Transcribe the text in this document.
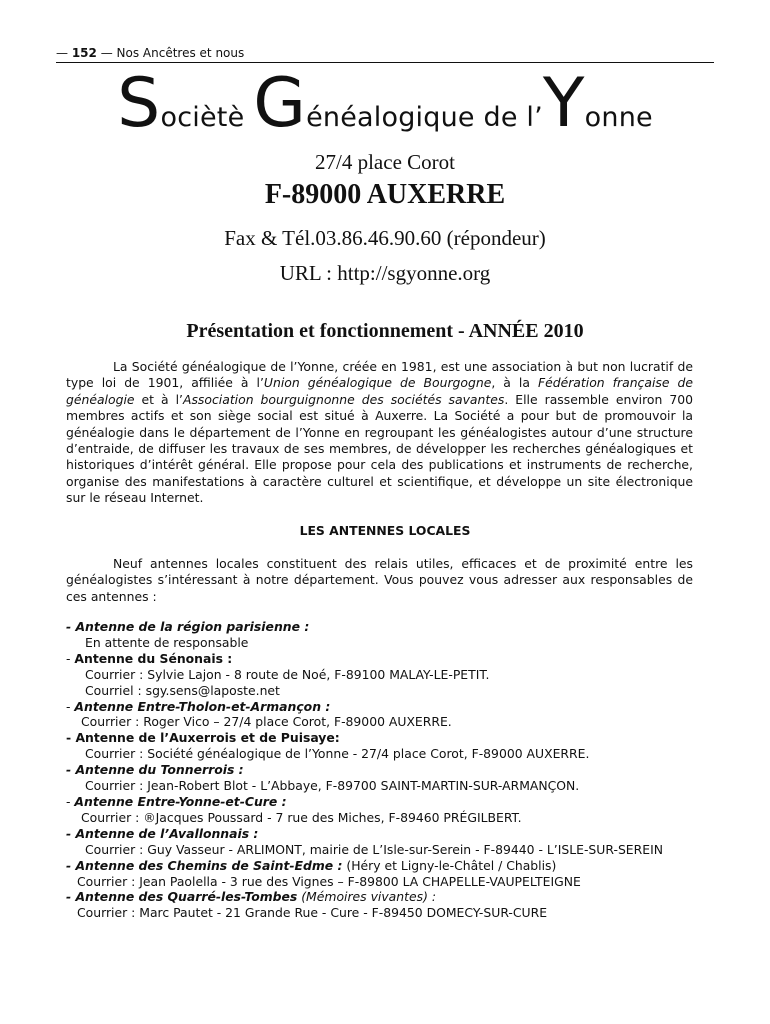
— 152 — Nos Ancêtres et nous
Sociètè Généalogique de l’Yonne
27/4 place Corot
F-89000 AUXERRE
Fax & Tél.03.86.46.90.60 (répondeur)
URL : http://sgyonne.org
Présentation et fonctionnement - ANNÉE 2010
La Société généalogique de l’Yonne, créée en 1981, est une association à but non lucratif de type loi de 1901, affiliée à l’Union généalogique de Bourgogne, à la Fédération française de généalogie et à l’Association bourguignonne des sociétés savantes. Elle rassemble environ 700 membres actifs et son siège social est situé à Auxerre. La Société a pour but de promouvoir la généalogie dans le département de l’Yonne en regroupant les généalogistes autour d’une structure d’entraide, de diffuser les travaux de ses membres, de développer les recherches généalogiques et historiques d’intérêt général. Elle propose pour cela des publications et instruments de recherche, organise des manifestations à caractère culturel et scientifique, et développe un site électronique sur le réseau Internet.
LES ANTENNES LOCALES
Neuf antennes locales constituent des relais utiles, efficaces et de proximité entre les généalogistes s’intéressant à notre département. Vous pouvez vous adresser aux responsables de ces antennes :
- Antenne de la région parisienne :
En attente de responsable
- Antenne du Sénonais :
Courrier : Sylvie Lajon - 8 route de Noé, F-89100 MALAY-LE-PETIT.
Courriel : sgy.sens@laposte.net
- Antenne Entre-Tholon-et-Armançon :
Courrier : Roger Vico – 27/4 place Corot, F-89000 AUXERRE.
- Antenne de l’Auxerrois et de Puisaye:
Courrier : Société généalogique de l’Yonne - 27/4 place Corot, F-89000 AUXERRE.
- Antenne du Tonnerrois :
Courrier : Jean-Robert Blot - L’Abbaye, F-89700 SAINT-MARTIN-SUR-ARMANÇON.
- Antenne Entre-Yonne-et-Cure :
Courrier : ®Jacques Poussard - 7 rue des Miches, F-89460 PRÉGILBERT.
- Antenne de l’Avallonnais :
Courrier : Guy Vasseur - ARLIMONT, mairie de L’Isle-sur-Serein - F-89440 - L’ISLE-SUR-SEREIN
- Antenne des Chemins de Saint-Edme : (Héry et Ligny-le-Châtel / Chablis)
Courrier : Jean Paolella - 3 rue des Vignes – F-89800 LA CHAPELLE-VAUPELTEIGNE
- Antenne des Quarré-les-Tombes (Mémoires vivantes) :
Courrier : Marc Pautet - 21 Grande Rue - Cure - F-89450 DOMECY-SUR-CURE
